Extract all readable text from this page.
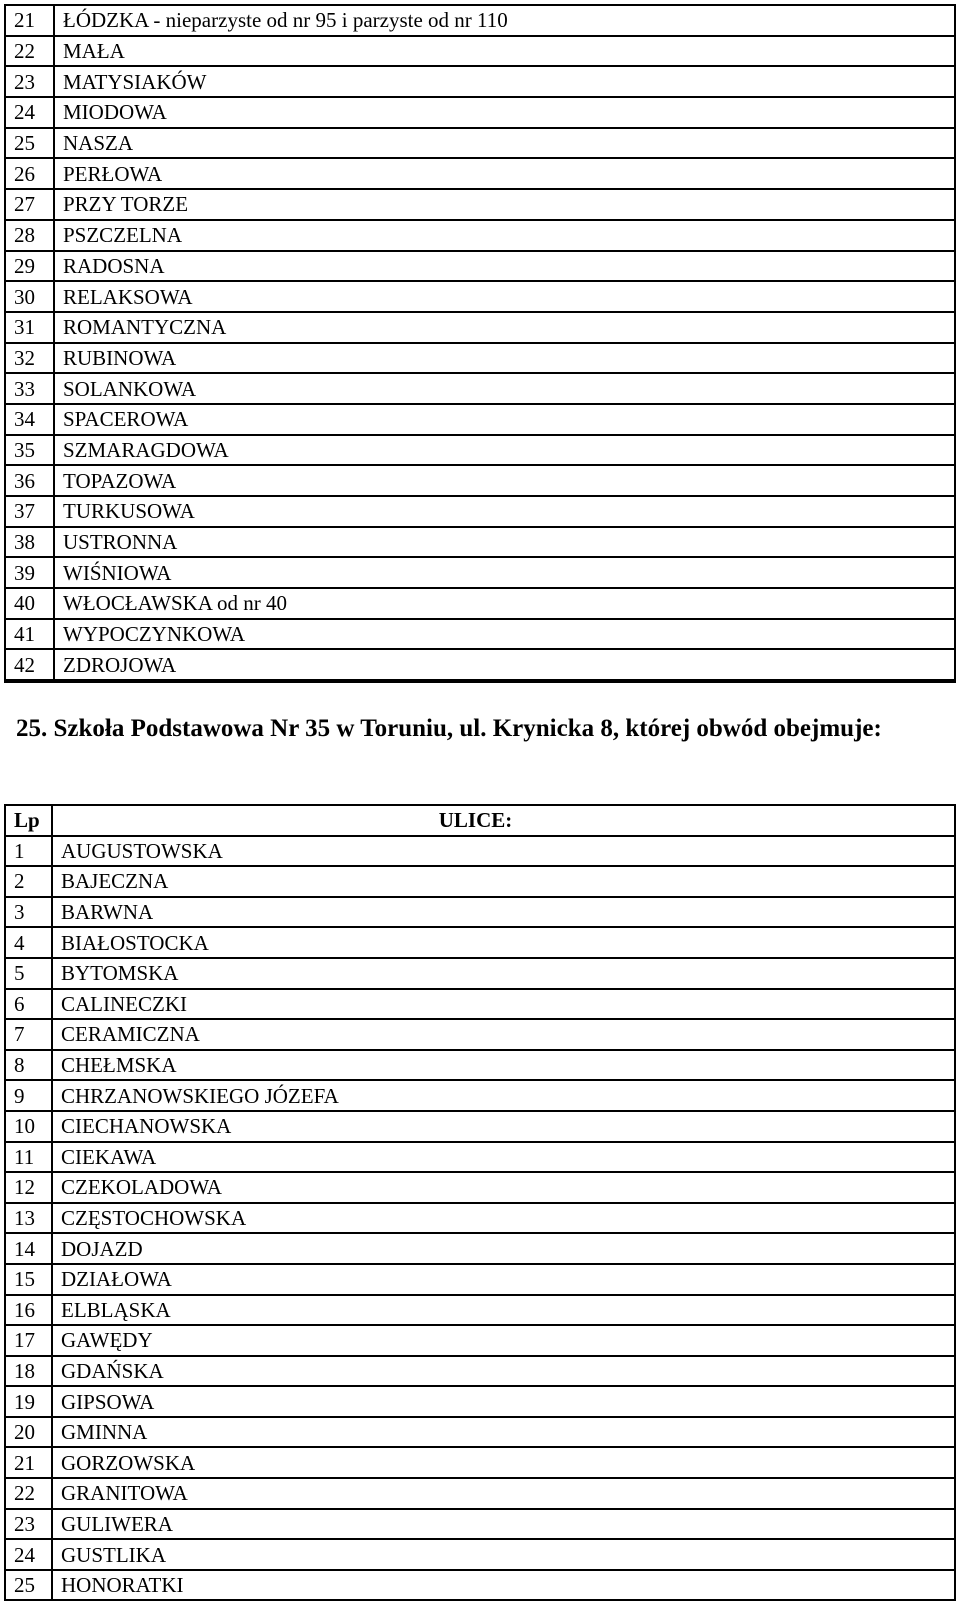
21	ŁÓDZKA - nieparzyste od nr 95 i parzyste od nr 110
22	MAŁA
23	MATYSIAKÓW
24	MIODOWA
25	NASZA
26	PERŁOWA
27	PRZY TORZE
28	PSZCZELNA
29	RADOSNA
30	RELAKSOWA
31	ROMANTYCZNA
32	RUBINOWA
33	SOLANKOWA
34	SPACEROWA
35	SZMARAGDOWA
36	TOPAZOWA
37	TURKUSOWA
38	USTRONNA
39	WIŚNIOWA
40	WŁOCŁAWSKA od nr 40
41	WYPOCZYNKOWA
42	ZDROJOWA
25. Szkoła Podstawowa Nr 35 w Toruniu, ul. Krynicka 8, której obwód obejmuje:
Lp	ULICE:
1	AUGUSTOWSKA
2	BAJECZNA
3	BARWNA
4	BIAŁOSTOCKA
5	BYTOMSKA
6	CALINECZKI
7	CERAMICZNA
8	CHEŁMSKA
9	CHRZANOWSKIEGO JÓZEFA
10	CIECHANOWSKA
11	CIEKAWA
12	CZEKOLADOWA
13	CZĘSTOCHOWSKA
14	DOJAZD
15	DZIAŁOWA
16	ELBLĄSKA
17	GAWĘDY
18	GDAŃSKA
19	GIPSOWA
20	GMINNA
21	GORZOWSKA
22	GRANITOWA
23	GULIWERA
24	GUSTLIKA
25	HONORATKI
